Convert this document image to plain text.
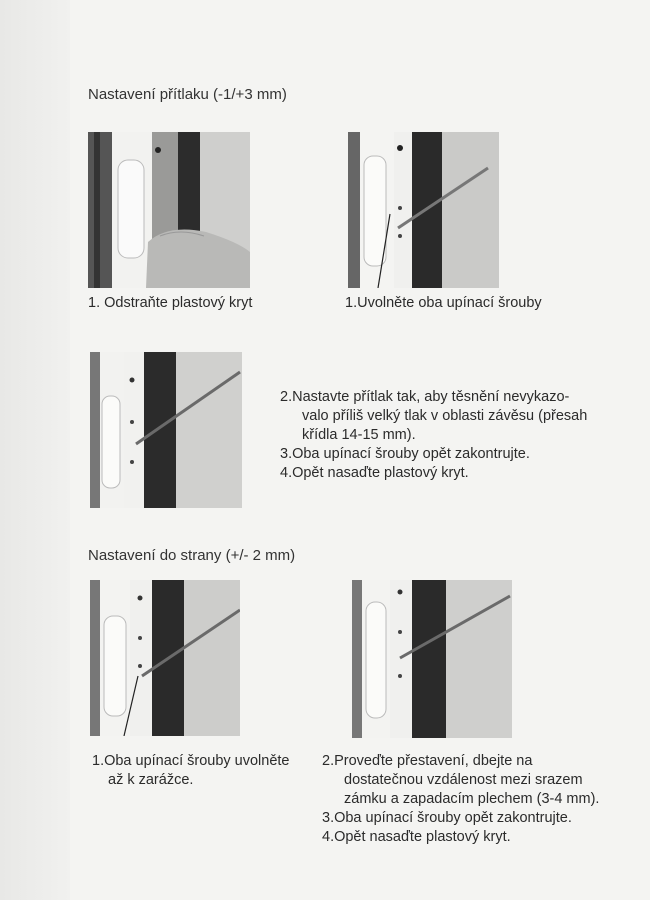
Nastavení přítlaku (-1/+3 mm)
1. Odstraňte plastový kryt	1.Uvolněte oba upínací šrouby
2.Nastavte přítlak tak, aby těsnění nevykazo-
valo příliš velký tlak v oblasti závěsu (přesah
křídla 14-15 mm).
3.Oba upínací šrouby opět zakontrujte.
4.Opět nasaďte plastový kryt.
Nastavení do strany (+/- 2 mm)
1.Oba upínací šrouby uvolněte
až k zarážce.
2.Proveďte přestavení, dbejte na
dostatečnou vzdálenost mezi srazem
zámku a zapadacím plechem (3-4 mm).
3.Oba upínací šrouby opět zakontrujte.
4.Opět nasaďte plastový kryt.
